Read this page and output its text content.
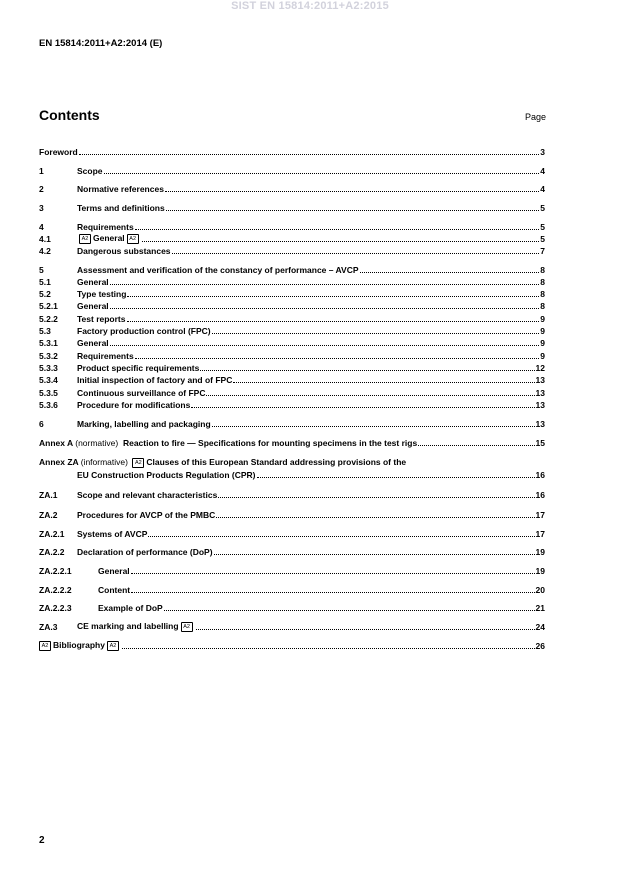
SIST EN 15814:2011+A2:2015
EN 15814:2011+A2:2014 (E)
Contents	Page
Foreword	3
1	Scope	4
2	Normative references	4
3	Terms and definitions	5
4	Requirements	5
4.1	A2 General A2	5
4.2	Dangerous substances	7
5	Assessment and verification of the constancy of performance – AVCP	8
5.1	General	8
5.2	Type testing	8
5.2.1	General	8
5.2.2	Test reports	9
5.3	Factory production control (FPC)	9
5.3.1	General	9
5.3.2	Requirements	9
5.3.3	Product specific requirements	12
5.3.4	Initial inspection of factory and of FPC	13
5.3.5	Continuous surveillance of FPC	13
5.3.6	Procedure for modifications	13
6	Marking, labelling and packaging	13
Annex A (normative) Reaction to fire — Specifications for mounting specimens in the test rigs	15
Annex ZA (informative) A2 Clauses of this European Standard addressing provisions of the
EU Construction Products Regulation (CPR)	16
ZA.1	Scope and relevant characteristics	16
ZA.2	Procedures for AVCP of the PMBC	17
ZA.2.1	Systems of AVCP	17
ZA.2.2	Declaration of performance (DoP)	19
ZA.2.2.1	General	19
ZA.2.2.2	Content	20
ZA.2.2.3	Example of DoP	21
ZA.3	CE marking and labelling A2	24
A2 Bibliography A2	26
2
